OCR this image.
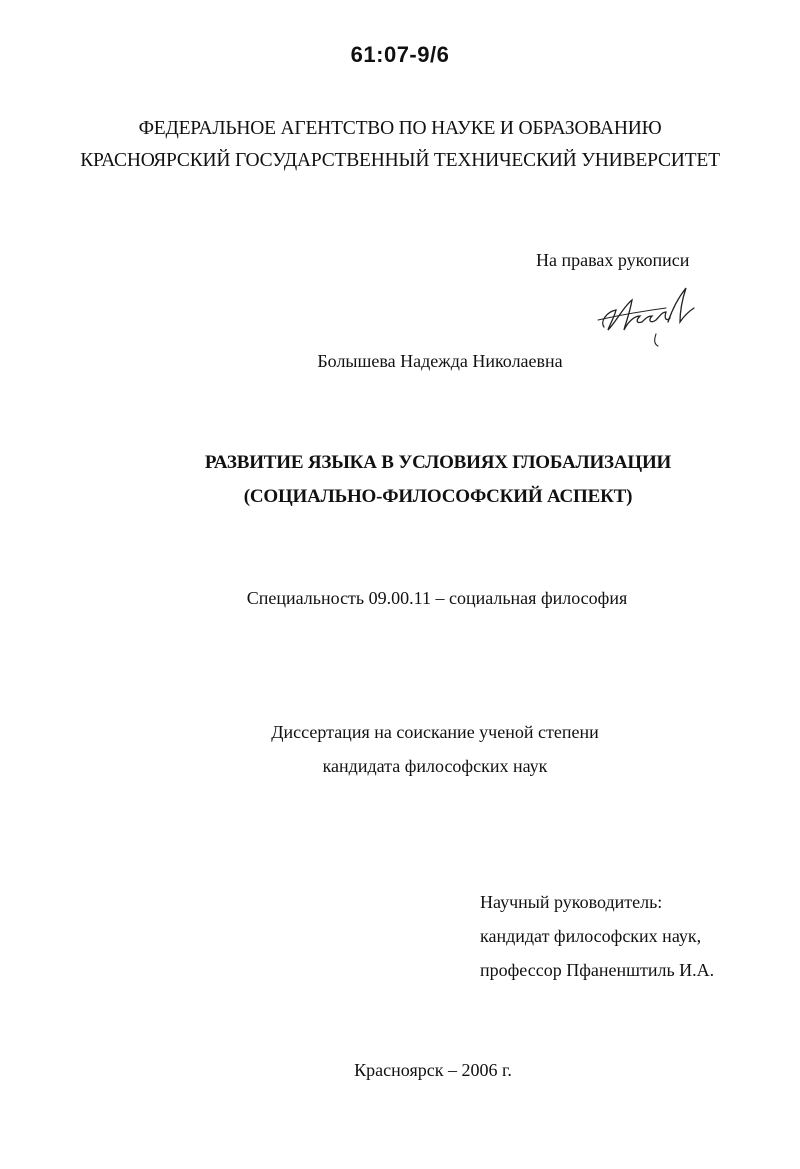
61:07-9/6
ФЕДЕРАЛЬНОЕ АГЕНТСТВО ПО НАУКЕ И ОБРАЗОВАНИЮ
КРАСНОЯРСКИЙ ГОСУДАРСТВЕННЫЙ ТЕХНИЧЕСКИЙ УНИВЕРСИТЕТ
На правах рукописи
Болышева Надежда Николаевна
РАЗВИТИЕ ЯЗЫКА В УСЛОВИЯХ ГЛОБАЛИЗАЦИИ
(СОЦИАЛЬНО-ФИЛОСОФСКИЙ АСПЕКТ)
Специальность 09.00.11 – социальная философия
Диссертация на соискание ученой степени
кандидата философских наук
Научный руководитель:
кандидат философских наук,
профессор Пфаненштиль И.А.
Красноярск – 2006 г.
